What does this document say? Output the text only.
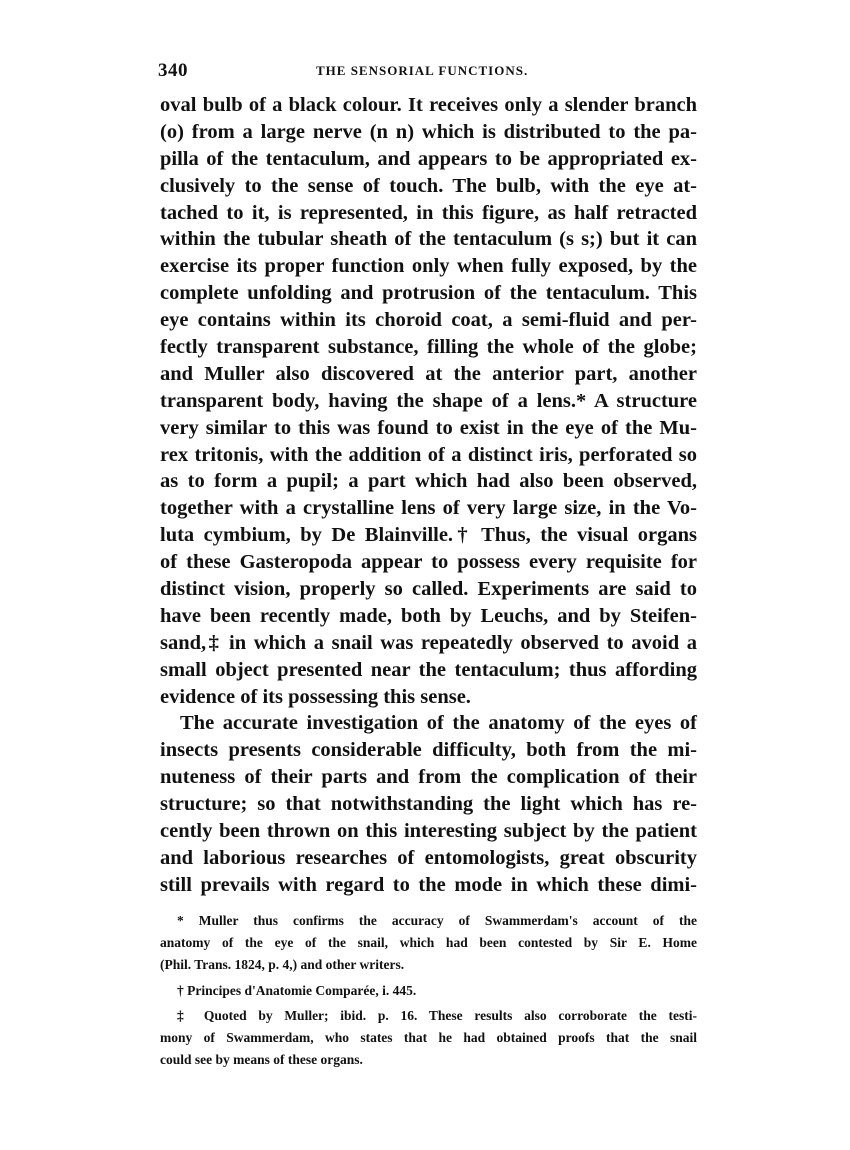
340	THE SENSORIAL FUNCTIONS.
oval bulb of a black colour. It receives only a slender branch
(o) from a large nerve (n n) which is distributed to the pa-
pilla of the tentaculum, and appears to be appropriated ex-
clusively to the sense of touch. The bulb, with the eye at-
tached to it, is represented, in this figure, as half retracted
within the tubular sheath of the tentaculum (s s;) but it can
exercise its proper function only when fully exposed, by the
complete unfolding and protrusion of the tentaculum. This
eye contains within its choroid coat, a semi-fluid and per-
fectly transparent substance, filling the whole of the globe;
and Muller also discovered at the anterior part, another
transparent body, having the shape of a lens.* A structure
very similar to this was found to exist in the eye of the Mu-
rex tritonis, with the addition of a distinct iris, perforated so
as to form a pupil; a part which had also been observed,
together with a crystalline lens of very large size, in the Vo-
luta cymbium, by De Blainville.† Thus, the visual organs
of these Gasteropoda appear to possess every requisite for
distinct vision, properly so called. Experiments are said to
have been recently made, both by Leuchs, and by Steifen-
sand,‡ in which a snail was repeatedly observed to avoid a
small object presented near the tentaculum; thus affording
evidence of its possessing this sense.
The accurate investigation of the anatomy of the eyes of
insects presents considerable difficulty, both from the mi-
nuteness of their parts and from the complication of their
structure; so that notwithstanding the light which has re-
cently been thrown on this interesting subject by the patient
and laborious researches of entomologists, great obscurity
still prevails with regard to the mode in which these dimi-
* Muller thus confirms the accuracy of Swammerdam's account of the
anatomy of the eye of the snail, which had been contested by Sir E. Home
(Phil. Trans. 1824, p. 4,) and other writers.
† Principes d'Anatomie Comparée, i. 445.
‡ Quoted by Muller; ibid. p. 16. These results also corroborate the testi-
mony of Swammerdam, who states that he had obtained proofs that the snail
could see by means of these organs.
